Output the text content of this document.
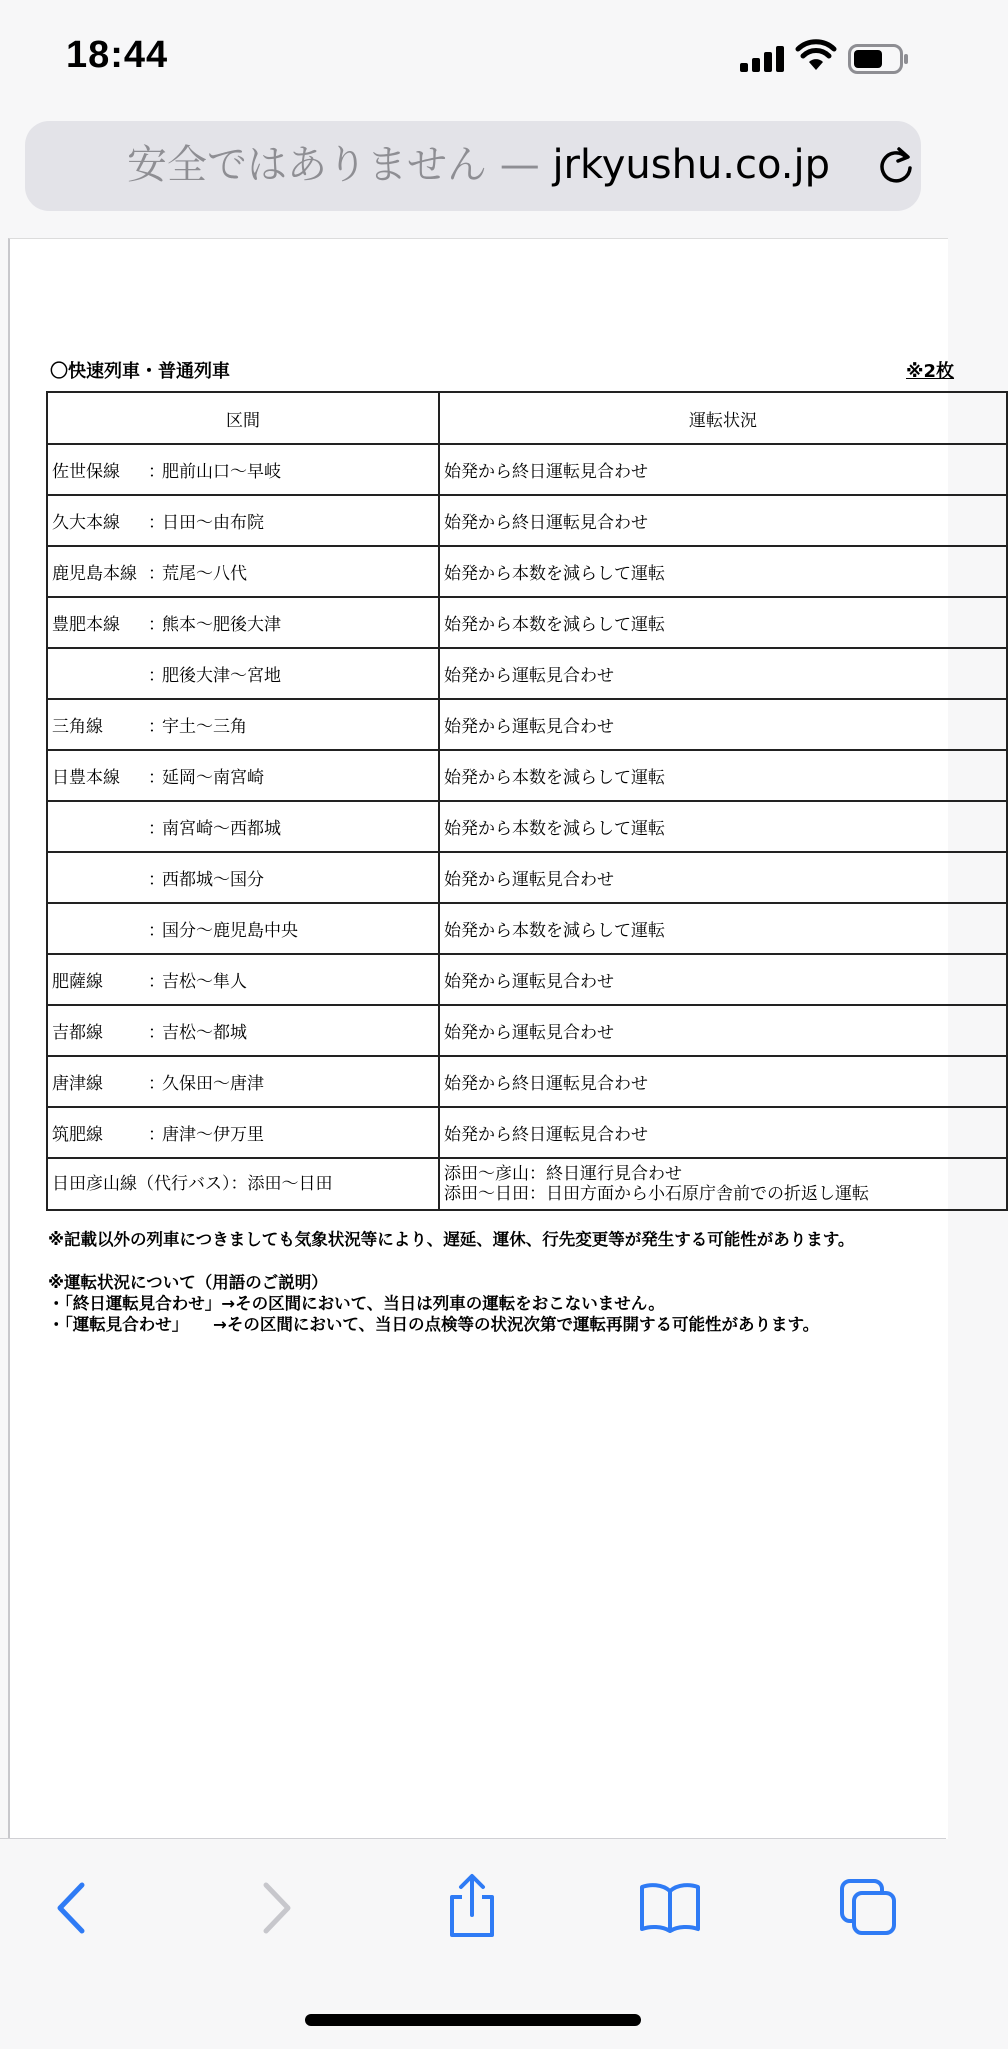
18:44
安全ではありません — jrkyushu.co.jp
〇快速列車・普通列車	※2枚
区間	運転状況
佐世保線 ：肥前山口～早岐	始発から終日運転見合わせ
久大本線 ：日田～由布院	始発から終日運転見合わせ
鹿児島本線 ：荒尾～八代	始発から本数を減らして運転
豊肥本線 ：熊本～肥後大津	始発から本数を減らして運転
：肥後大津～宮地	始発から運転見合わせ
三角線 ：宇土～三角	始発から運転見合わせ
日豊本線 ：延岡～南宮崎	始発から本数を減らして運転
：南宮崎～西都城	始発から本数を減らして運転
：西都城～国分	始発から運転見合わせ
：国分～鹿児島中央	始発から本数を減らして運転
肥薩線 ：吉松～隼人	始発から運転見合わせ
吉都線 ：吉松～都城	始発から運転見合わせ
唐津線 ：久保田～唐津	始発から終日運転見合わせ
筑肥線 ：唐津～伊万里	始発から終日運転見合わせ
日田彦山線（代行バス）：添田～日田	添田～彦山：終日運行見合わせ
添田～日田：日田方面から小石原庁舎前での折返し運転
※記載以外の列車につきましても気象状況等により、遅延、運休、行先変更等が発生する可能性があります。
※運転状況について（用語のご説明）
・「終日運転見合わせ」→その区間において、当日は列車の運転をおこないません。
・「運転見合わせ」　　→その区間において、当日の点検等の状況次第で運転再開する可能性があります。
